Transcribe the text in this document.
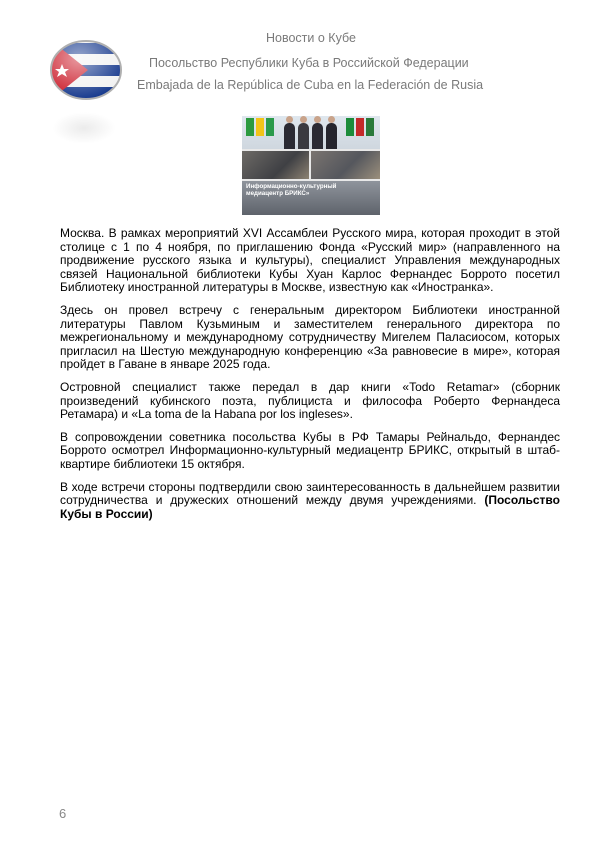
Новости о Кубе
Посольство Республики Куба в Российской Федерации
Embajada de la República de Cuba en la Federación de Rusia
Информационно-культурный
медиацентр БРИКС»

Москва. В рамках мероприятий XVI Ассамблеи Русского мира, которая проходит в этой столице с 1 по 4 ноября, по приглашению Фонда «Русский мир» (направленного на продвижение русского языка и культуры), специалист Управления международных связей Национальной библиотеки Кубы Хуан Карлос Фернандес Боррото посетил Библиотеку иностранной литературы в Москве, известную как «Иностранка».

Здесь он провел встречу с генеральным директором Библиотеки иностранной литературы Павлом Кузьминым и заместителем генерального директора по межрегиональному и международному сотрудничеству Мигелем Паласиосом, которых пригласил на Шестую международную конференцию «За равновесие в мире», которая пройдет в Гаване в январе 2025 года.

Островной специалист также передал в дар книги «Todo Retamar» (сборник произведений кубинского поэта, публициста и философа Роберто Фернандеса Ретамара) и «La toma de la Habana por los ingleses».

В сопровождении советника посольства Кубы в РФ Тамары Рейнальдо, Фернандес Боррото осмотрел Информационно-культурный медиацентр БРИКС, открытый в штаб-квартире библиотеки 15 октября.

В ходе встречи стороны подтвердили свою заинтересованность в дальнейшем развитии сотрудничества и дружеских отношений между двумя учреждениями. (Посольство Кубы в России)

6
